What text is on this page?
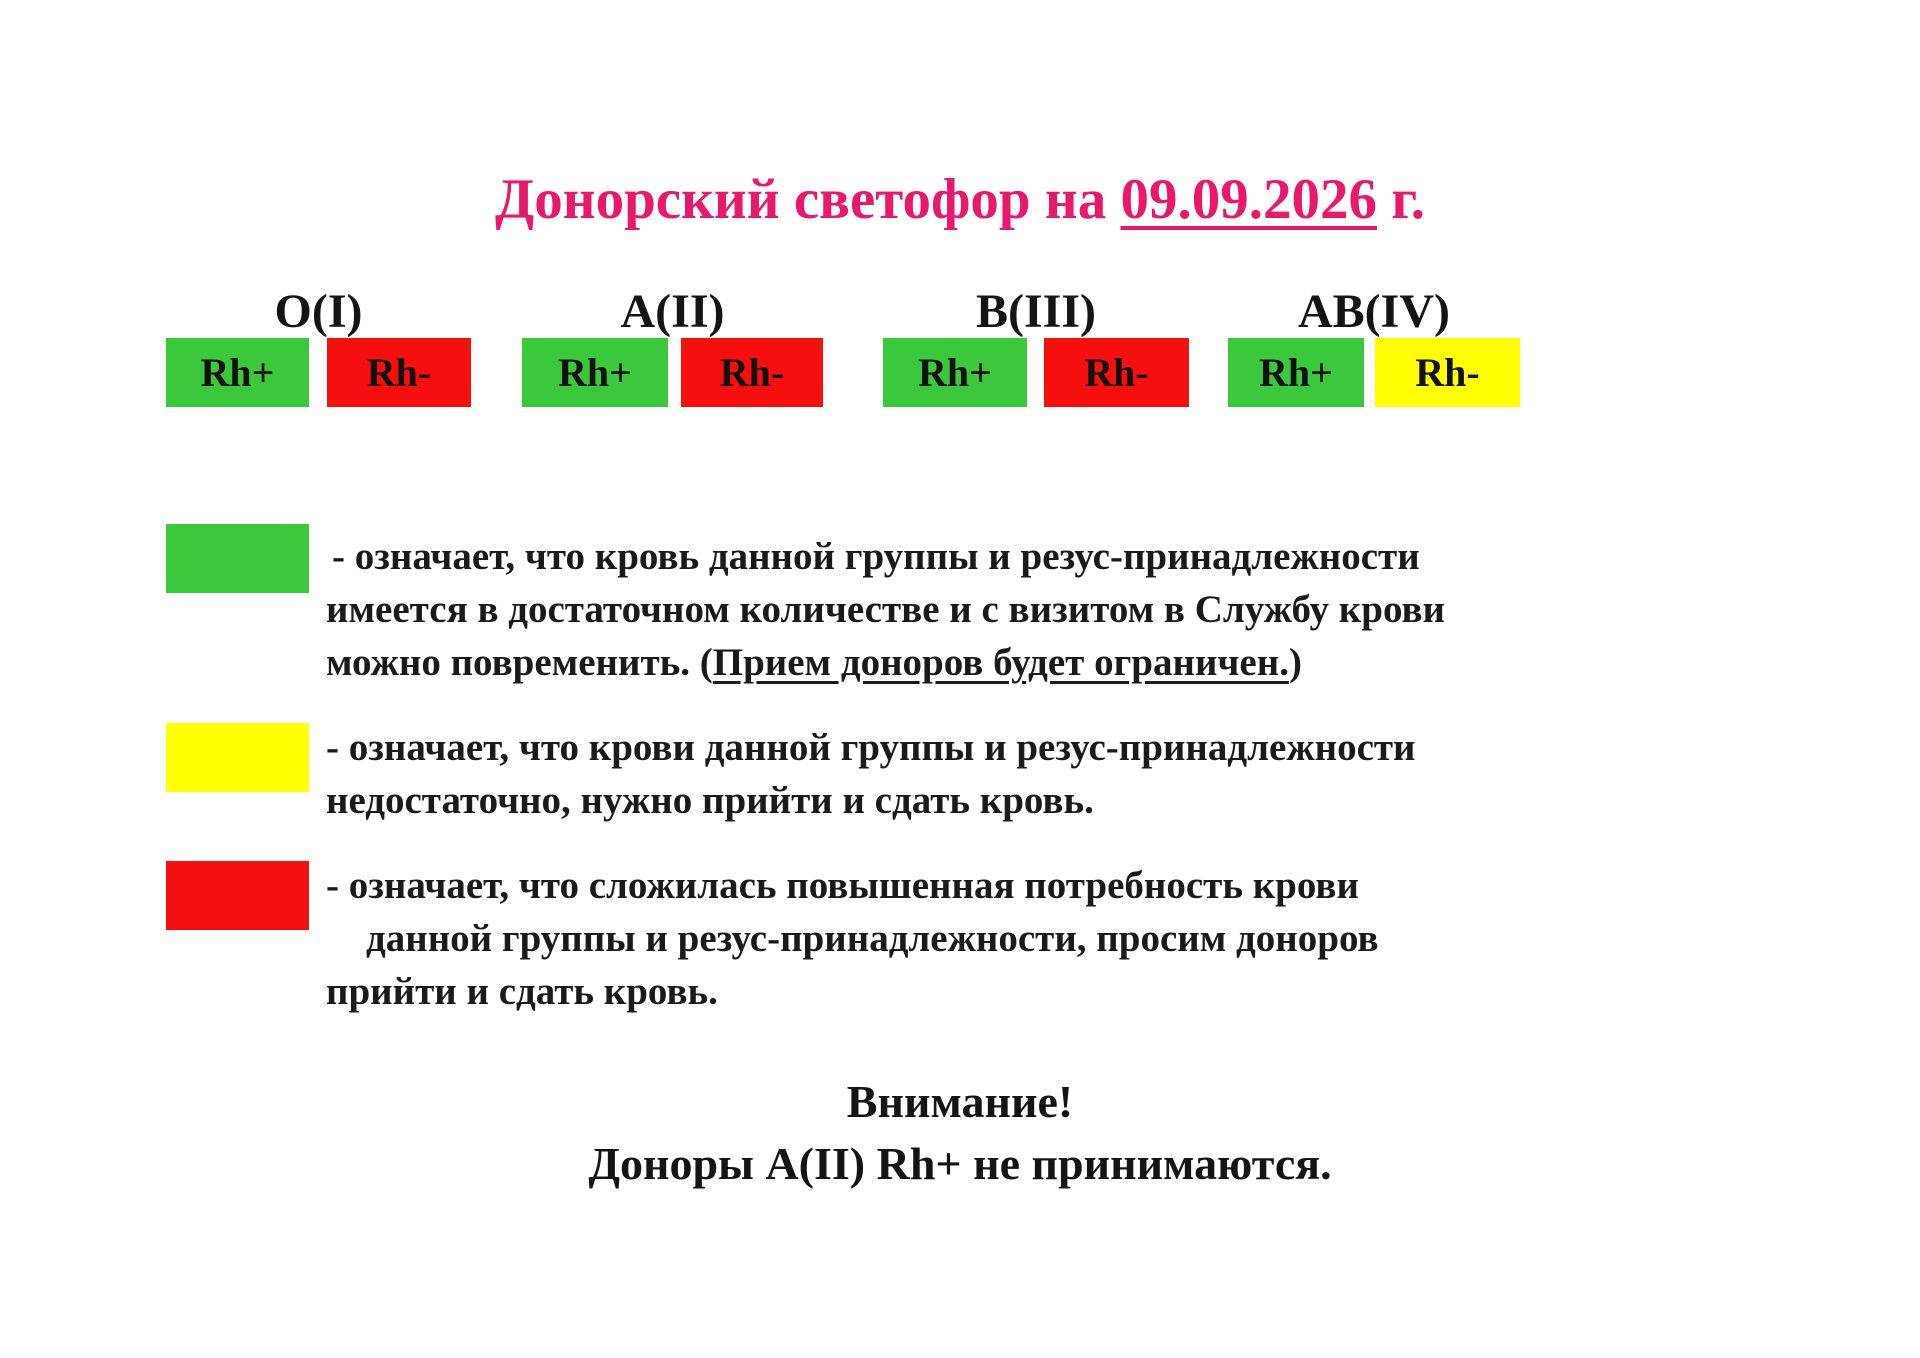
Донорский светофор на 09.09.2026 г.
O(I)
Rh+	Rh-
A(II)
Rh+	Rh-
B(III)
Rh+	Rh-
AB(IV)
Rh+	Rh-
- означает, что кровь данной группы и резус-принадлежности
имеется в достаточном количестве и с визитом в Службу крови
можно повременить. (Прием доноров будет ограничен.)
- означает, что крови данной группы и резус-принадлежности
недостаточно, нужно прийти и сдать кровь.
- означает, что сложилась повышенная потребность крови
данной группы и резус-принадлежности, просим доноров
прийти и сдать кровь.
Внимание!
Доноры A(II) Rh+ не принимаются.
